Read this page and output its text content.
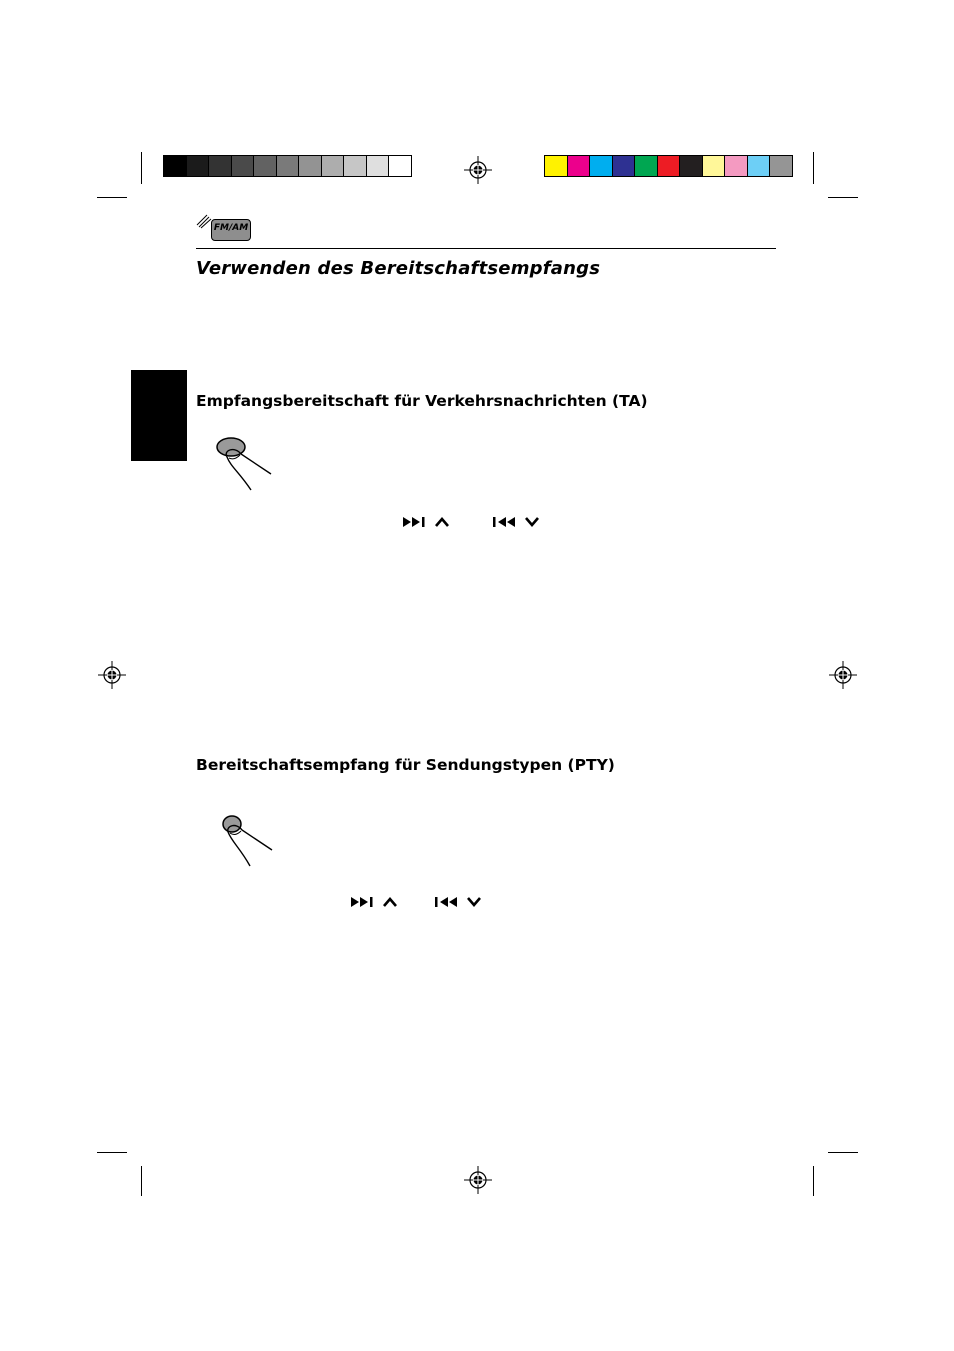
FM/AM
Verwenden des Bereitschaftsempfangs
Empfangsbereitschaft für Verkehrsnachrichten (TA)
Bereitschaftsempfang für Sendungstypen (PTY)
